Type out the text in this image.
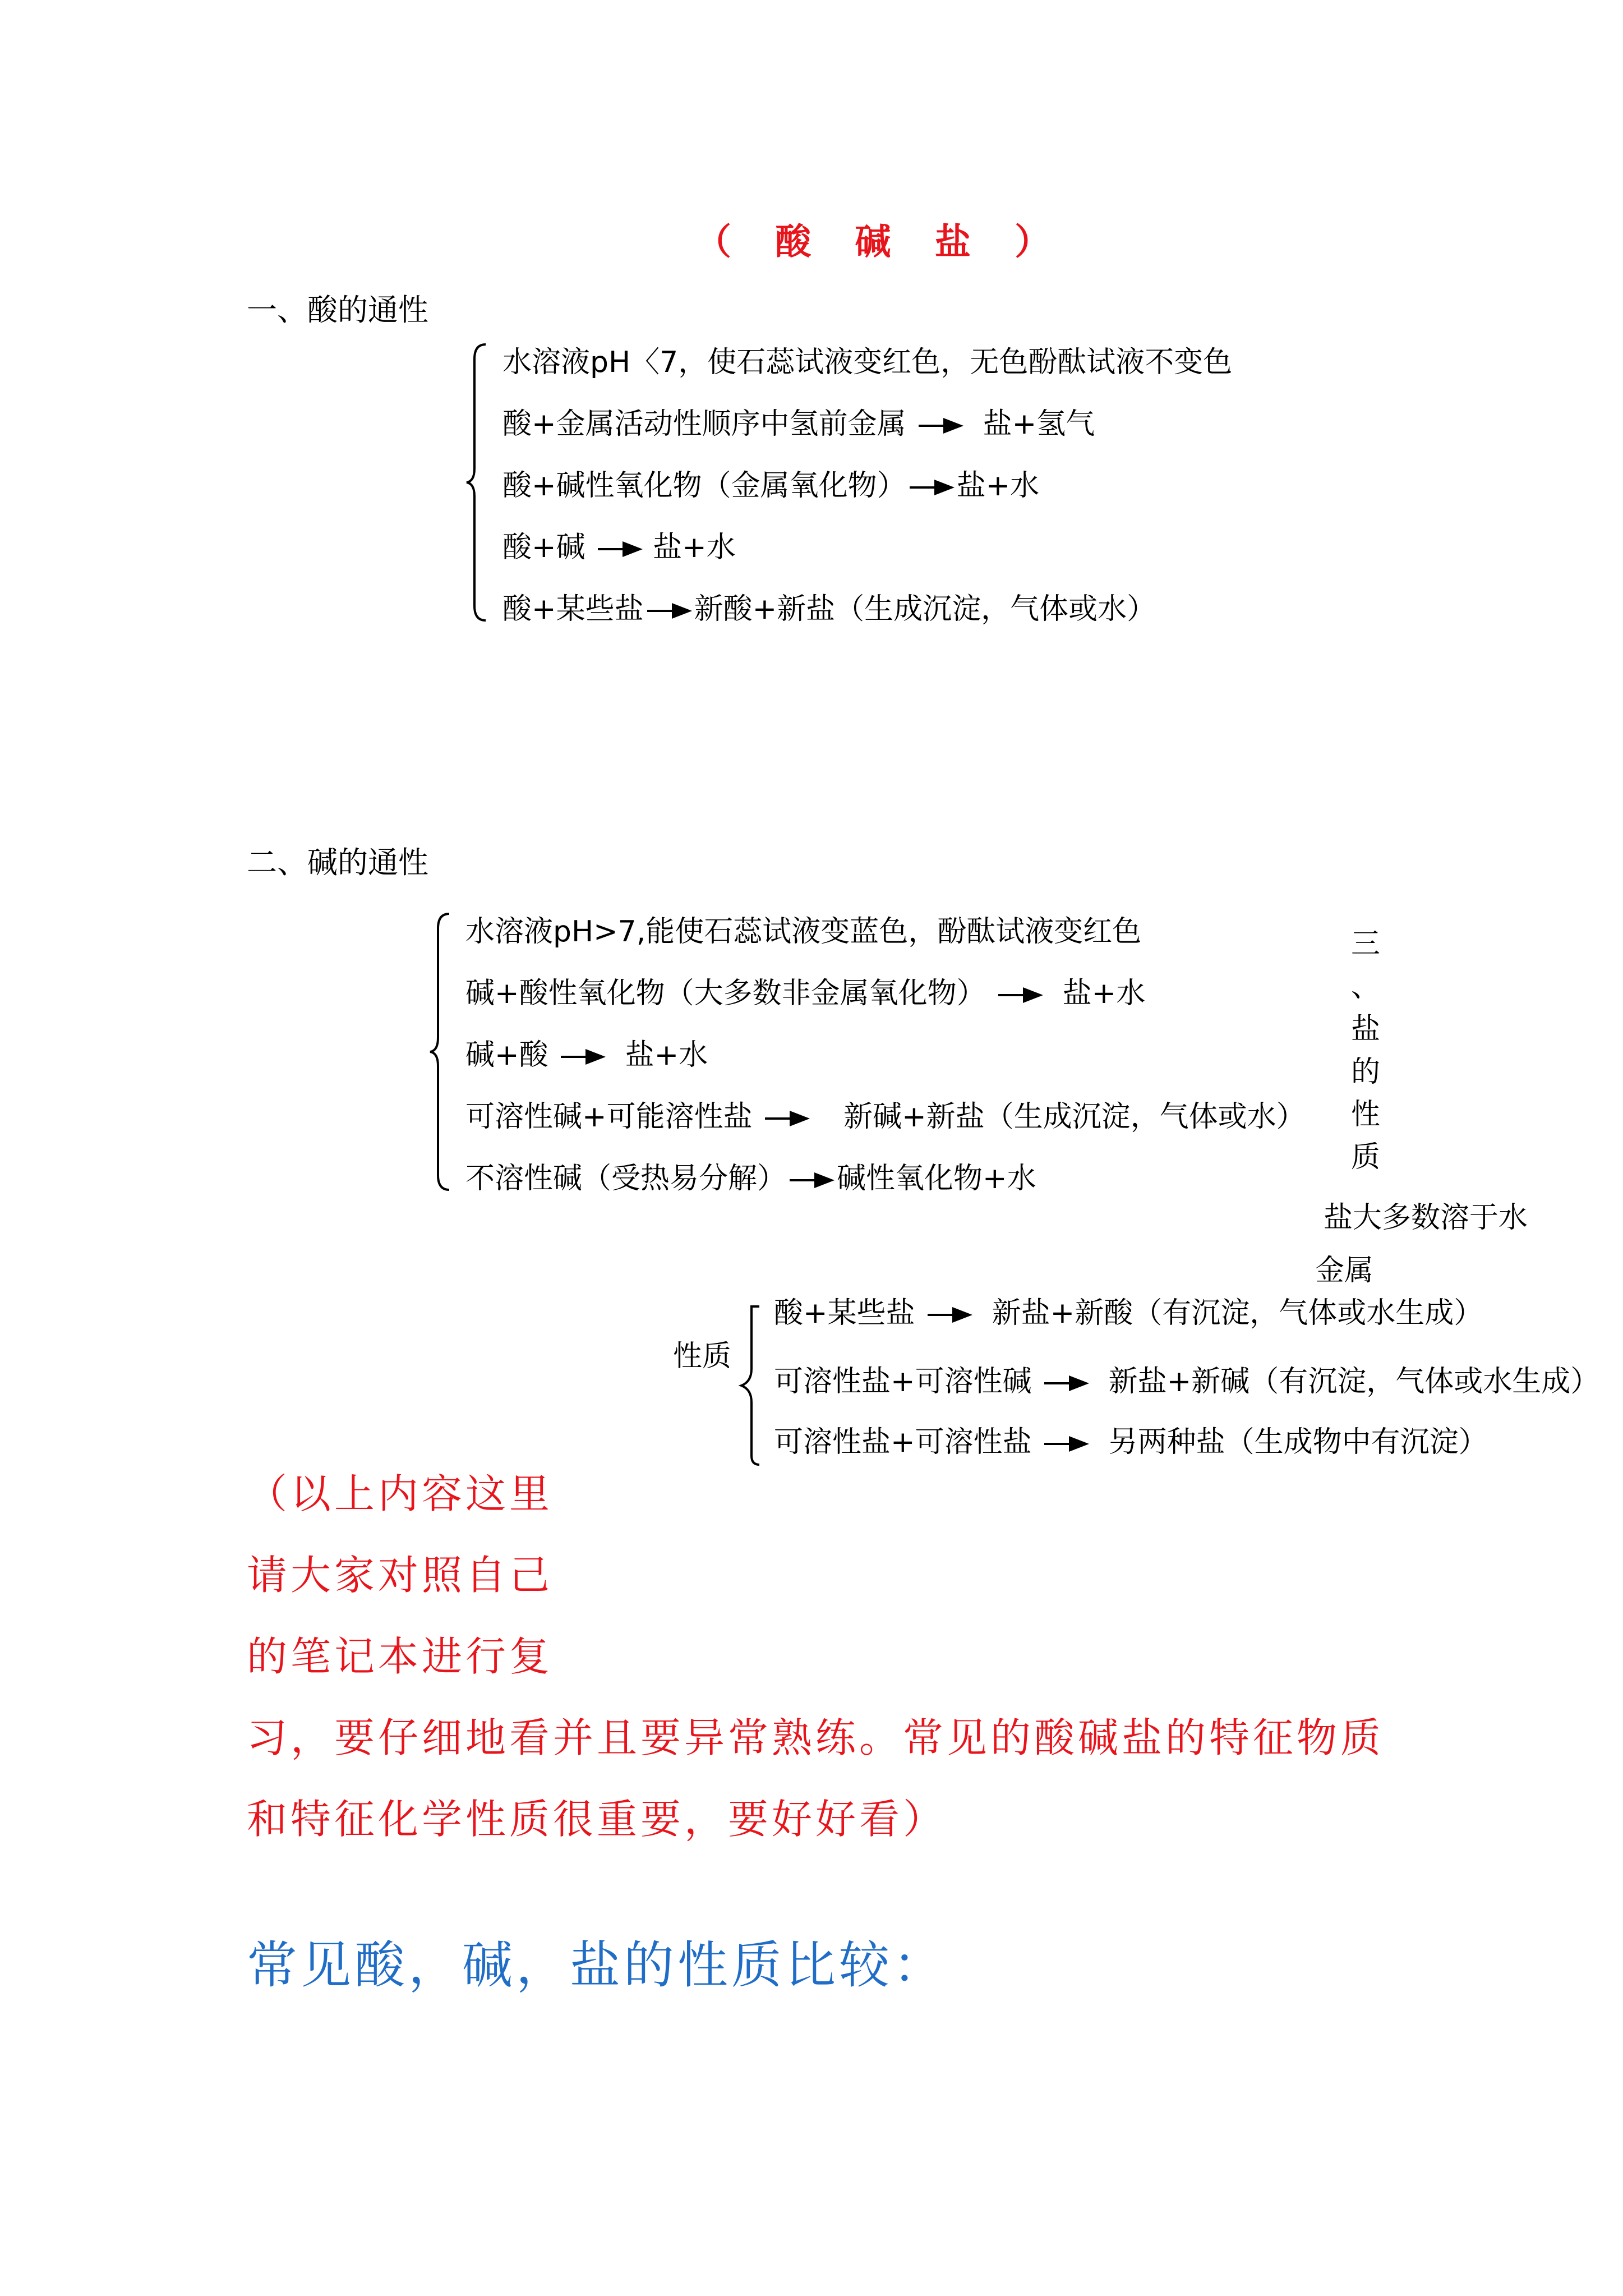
（ 酸 碱 盐 ）
一、酸的通性
水溶液pH〈7，使石蕊试液变红色，无色酚酞试液不变色
酸+金属活动性顺序中氢前金属	盐+氢气
酸+碱性氧化物（金属氧化物） 盐+水
酸+碱 盐+水
酸+某些盐 新酸+新盐（生成沉淀，气体或水）
二、碱的通性
水溶液pH>7,能使石蕊试液变蓝色，酚酞试液变红色
碱+酸性氧化物（大多数非金属氧化物）	盐+水
碱+酸	盐+水
可溶性碱+可能溶性盐	新碱+新盐（生成沉淀，气体或水）
不溶性碱（受热易分解） 碱性氧化物+水
三
、
盐
的
性
质
盐大多数溶于水
金属
酸+某些盐	新盐+新酸（有沉淀，气体或水生成）
性质
可溶性盐+可溶性碱	新盐+新碱（有沉淀，气体或水生成）
可溶性盐+可溶性盐	另两种盐（生成物中有沉淀）
（以上内容这里
请大家对照自己
的笔记本进行复
习，要仔细地看并且要异常熟练。常见的酸碱盐的特征物质
和特征化学性质很重要，要好好看）
常见酸，碱，盐的性质比较：
